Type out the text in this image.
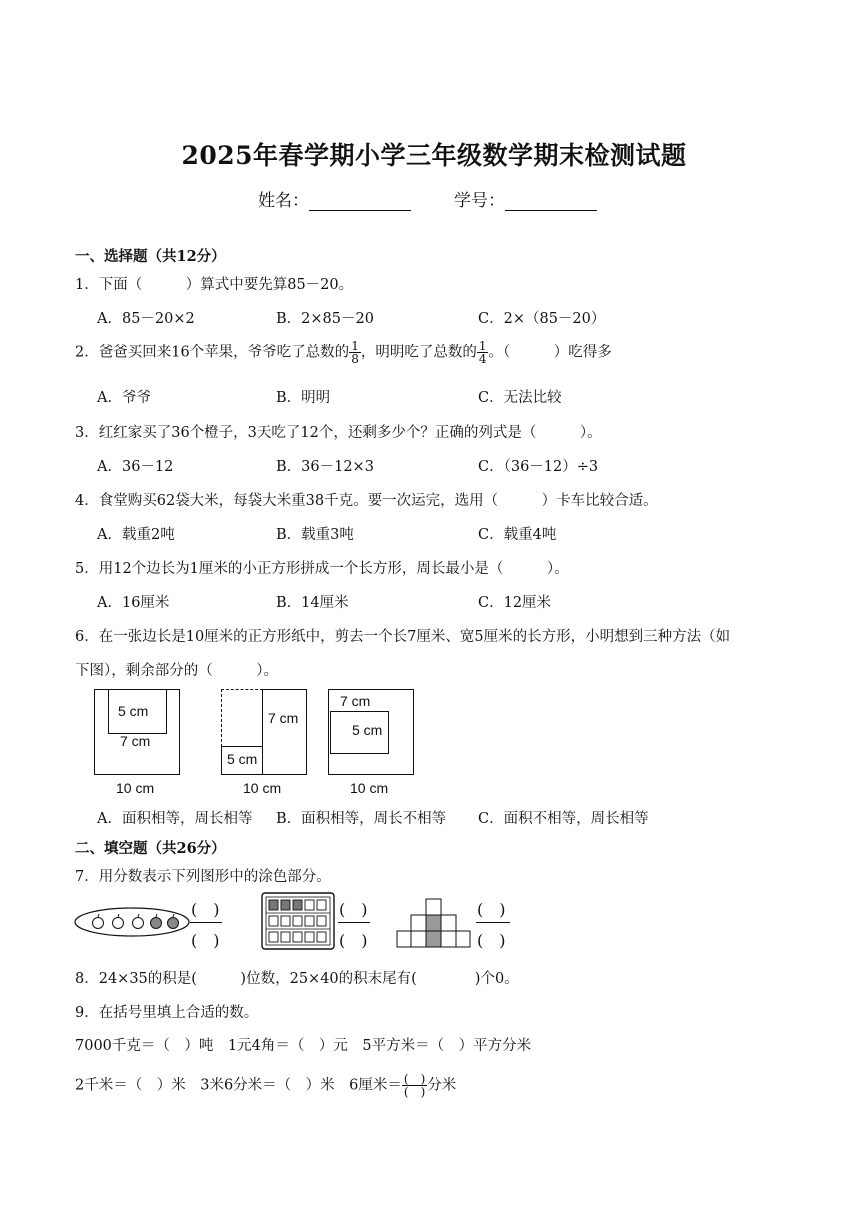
2025年春学期小学三年级数学期末检测试题
姓名：	学号：
一、选择题（共12分）
1．下面（　　　）算式中要先算85－20。
A．85－20×2	B．2×85－20	C．2×（85－20）
2．爸爸买回来16个苹果，爷爷吃了总数的 $\frac{1}{8}$ ，明明吃了总数的 $\frac{1}{4}$ 。（　　　）吃得多
A．爷爷	B．明明	C．无法比较
3．红红家买了36个橙子，3天吃了12个，还剩多少个？正确的列式是（　　　）。
A．36－12	B．36－12×3	C．（36－12）÷3
4．食堂购买62袋大米，每袋大米重38千克。要一次运完，选用（　　　）卡车比较合适。
A．载重2吨	B．载重3吨	C．载重4吨
5．用12个边长为1厘米的小正方形拼成一个长方形，周长最小是（　　　）。
A．16厘米	B．14厘米	C．12厘米
6．在一张边长是10厘米的正方形纸中，剪去一个长7厘米、宽5厘米的长方形，小明想到三种方法（如
下图），剩余部分的（　　　）。
5 cm
7 cm
10 cm
7 cm
5 cm
10 cm
7 cm
5 cm
10 cm
A．面积相等，周长相等 B．面积相等，周长不相等 C．面积不相等，周长相等
二、填空题（共26分）
7．用分数表示下列图形中的涂色部分。
(　)
(　)
(　)
(　)
(　)
(　)
8．24×35的积是(　　　)位数，25×40的积末尾有(　　　　)个0。
9．在括号里填上合适的数。
7000千克＝（　）吨　1元4角＝（　）元　5平方米＝（　）平方分米
2千米＝（　）米　3米6分米＝（　）米　6厘米＝ $\frac{( )}{( )}$ 分米
